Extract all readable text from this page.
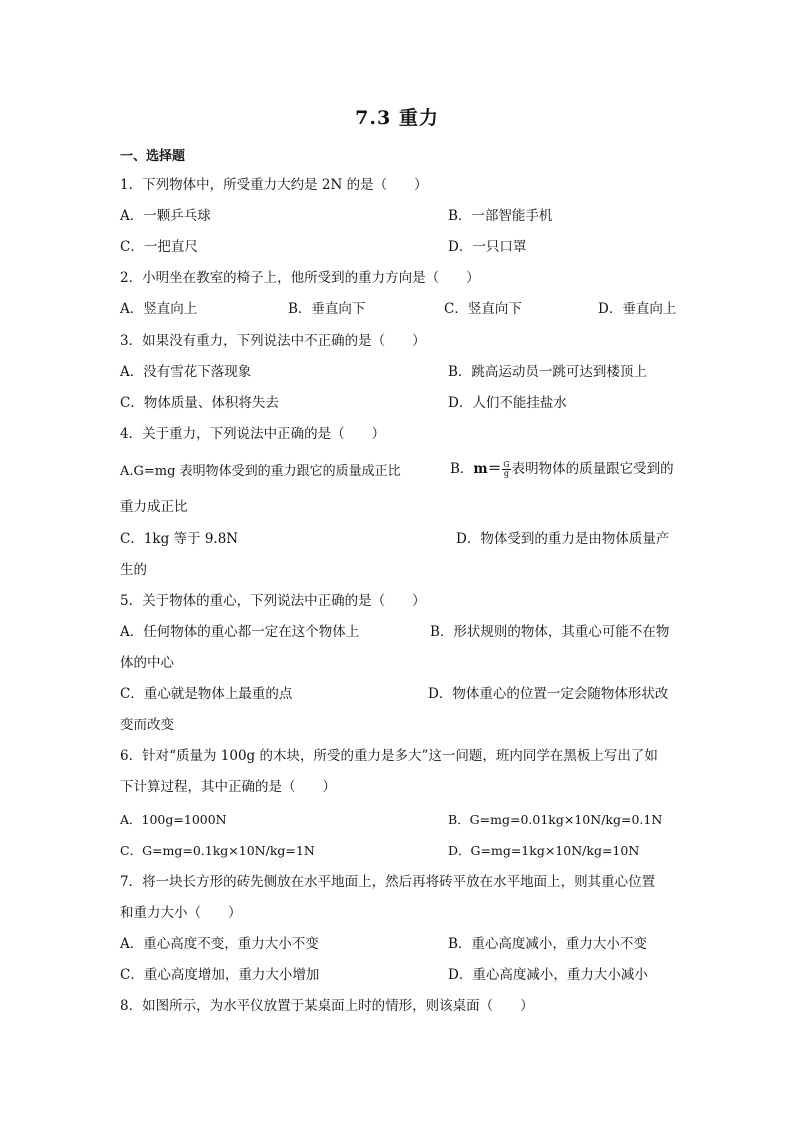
7.3 重力
一、选择题
1．下列物体中，所受重力大约是 2N 的是（　　）
A．一颗乒乓球	B．一部智能手机
C．一把直尺	D．一只口罩
2．小明坐在教室的椅子上，他所受到的重力方向是（　　）
A．竖直向上	B．垂直向下	C．竖直向下	D．垂直向上
3．如果没有重力，下列说法中不正确的是（　　）
A．没有雪花下落现象	B．跳高运动员一跳可达到楼顶上
C．物体质量、体积将失去	D．人们不能挂盐水
4．关于重力，下列说法中正确的是（　　）
A.G=mg 表明物体受到的重力跟它的质量成正比	B．$m= \frac{G}{g}$ 表明物体的质量跟它受到的
重力成正比
C．1kg 等于 9.8N	D．物体受到的重力是由物体质量产
生的
5．关于物体的重心，下列说法中正确的是（　　）
A．任何物体的重心都一定在这个物体上	B．形状规则的物体，其重心可能不在物
体的中心
C．重心就是物体上最重的点	D．物体重心的位置一定会随物体形状改
变而改变
6．针对“质量为 100g 的木块，所受的重力是多大”这一问题，班内同学在黑板上写出了如
下计算过程，其中正确的是（　　）
A．100g=1000N	B．G=mg=0.01kg×10N/kg=0.1N
C．G=mg=0.1kg×10N/kg=1N	D．G=mg=1kg×10N/kg=10N
7．将一块长方形的砖先侧放在水平地面上，然后再将砖平放在水平地面上，则其重心位置
和重力大小（　　）
A．重心高度不变，重力大小不变	B．重心高度减小，重力大小不变
C．重心高度增加，重力大小增加	D．重心高度减小，重力大小减小
8．如图所示，为水平仪放置于某桌面上时的情形，则该桌面（　　）
